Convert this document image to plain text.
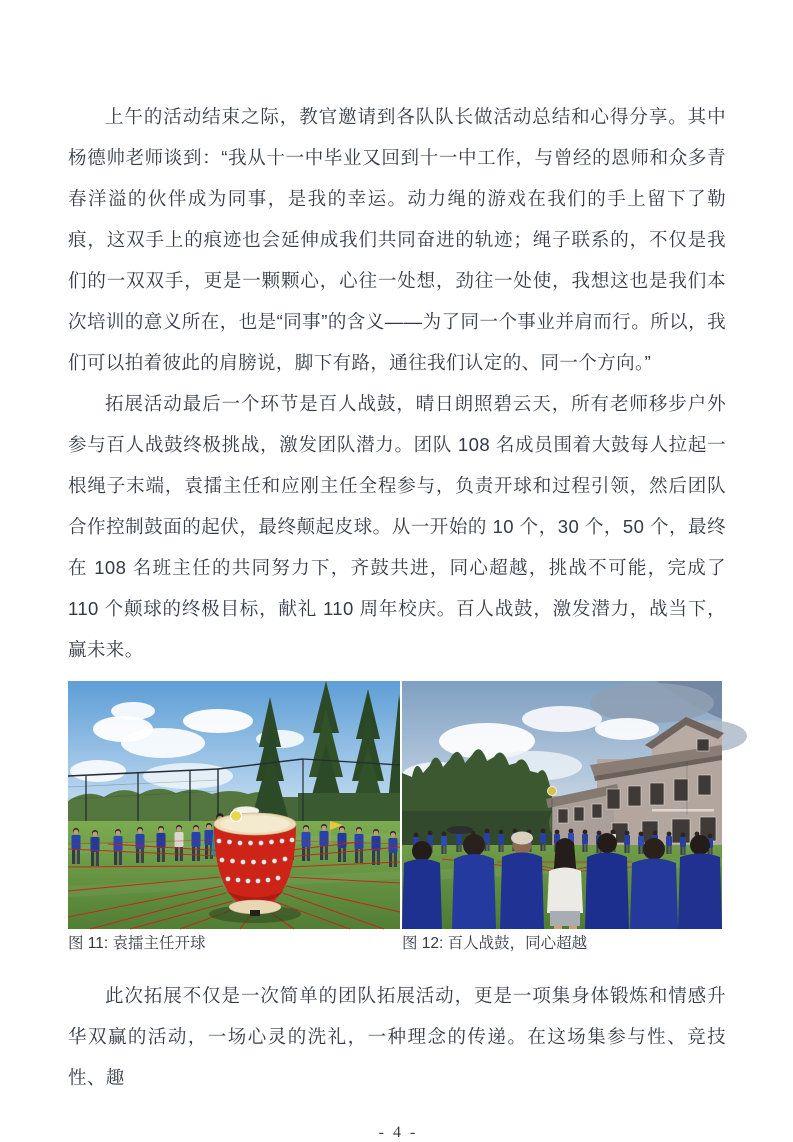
上午的活动结束之际，教官邀请到各队队长做活动总结和心得分享。其中杨德帅老师谈到：“我从十一中毕业又回到十一中工作，与曾经的恩师和众多青春洋溢的伙伴成为同事，是我的幸运。动力绳的游戏在我们的手上留下了勒痕，这双手上的痕迹也会延伸成我们共同奋进的轨迹；绳子联系的，不仅是我们的一双双手，更是一颗颗心，心往一处想，劲往一处使，我想这也是我们本次培训的意义所在，也是“同事”的含义——为了同一个事业并肩而行。所以，我们可以拍着彼此的肩膀说，脚下有路，通往我们认定的、同一个方向。”

拓展活动最后一个环节是百人战鼓，晴日朗照碧云天，所有老师移步户外参与百人战鼓终极挑战，激发团队潜力。团队 108 名成员围着大鼓每人拉起一根绳子末端，袁擂主任和应刚主任全程参与，负责开球和过程引领，然后团队合作控制鼓面的起伏，最终颠起皮球。从一开始的 10 个，30 个，50 个，最终在 108 名班主任的共同努力下，齐鼓共进，同心超越，挑战不可能，完成了 110 个颠球的终极目标，献礼 110 周年校庆。百人战鼓，激发潜力，战当下，赢未来。

图 11: 袁擂主任开球	图 12: 百人战鼓，同心超越

此次拓展不仅是一次简单的团队拓展活动，更是一项集身体锻炼和情感升华双赢的活动，一场心灵的洗礼，一种理念的传递。在这场集参与性、竞技性、趣

- 4 -
